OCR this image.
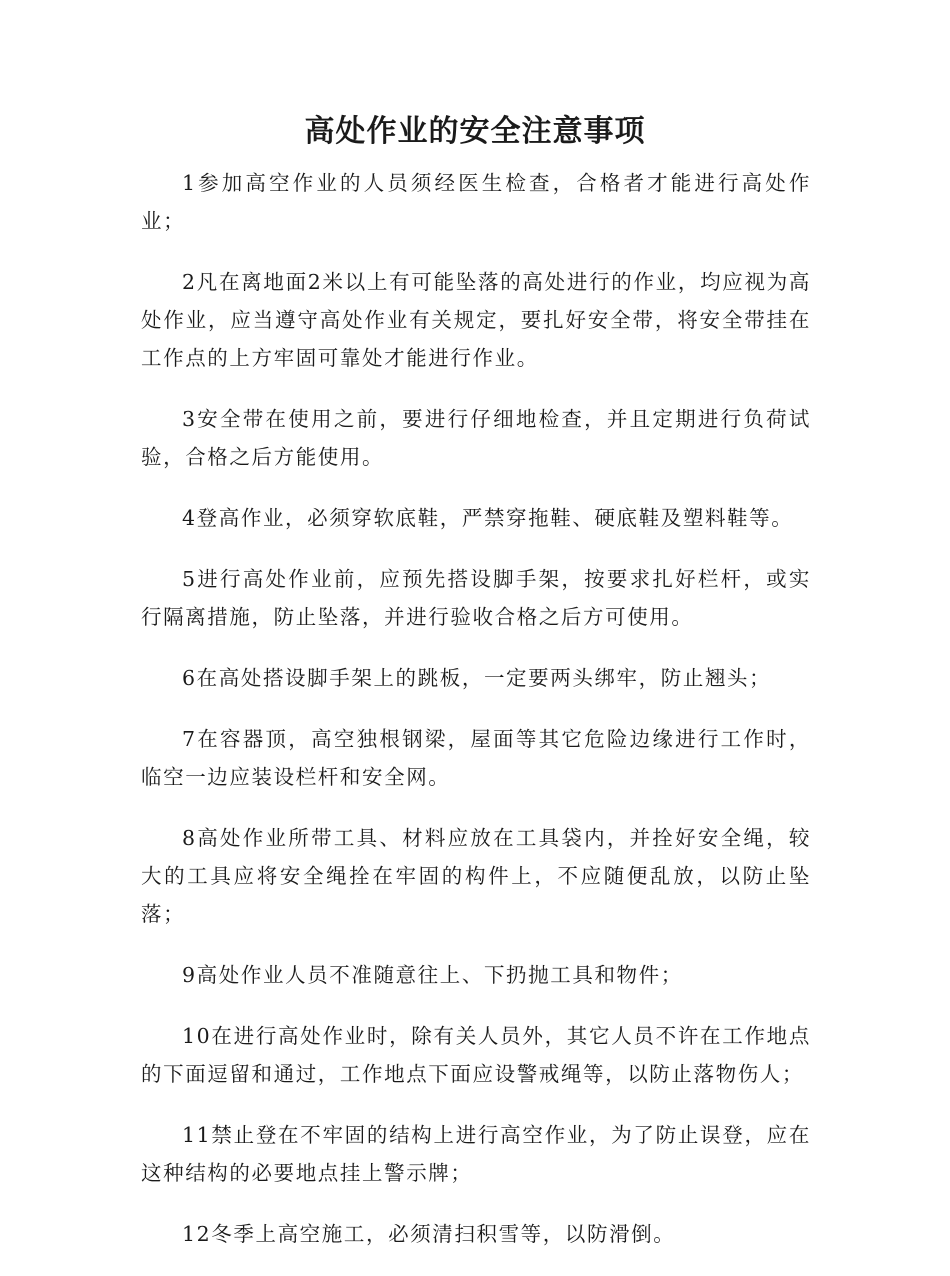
高处作业的安全注意事项

1参加高空作业的人员须经医生检查，合格者才能进行高处作业；

2凡在离地面2米以上有可能坠落的高处进行的作业，均应视为高处作业，应当遵守高处作业有关规定，要扎好安全带，将安全带挂在工作点的上方牢固可靠处才能进行作业。

3安全带在使用之前，要进行仔细地检查，并且定期进行负荷试验，合格之后方能使用。

4登高作业，必须穿软底鞋，严禁穿拖鞋、硬底鞋及塑料鞋等。

5进行高处作业前，应预先搭设脚手架，按要求扎好栏杆，或实行隔离措施，防止坠落，并进行验收合格之后方可使用。

6在高处搭设脚手架上的跳板，一定要两头绑牢，防止翘头；

7在容器顶，高空独根钢梁，屋面等其它危险边缘进行工作时，临空一边应装设栏杆和安全网。

8高处作业所带工具、材料应放在工具袋内，并拴好安全绳，较大的工具应将安全绳拴在牢固的构件上，不应随便乱放，以防止坠落；

9高处作业人员不准随意往上、下扔抛工具和物件；

10在进行高处作业时，除有关人员外，其它人员不许在工作地点的下面逗留和通过，工作地点下面应设警戒绳等，以防止落物伤人；

11禁止登在不牢固的结构上进行高空作业，为了防止误登，应在这种结构的必要地点挂上警示牌；

12冬季上高空施工，必须清扫积雪等，以防滑倒。
